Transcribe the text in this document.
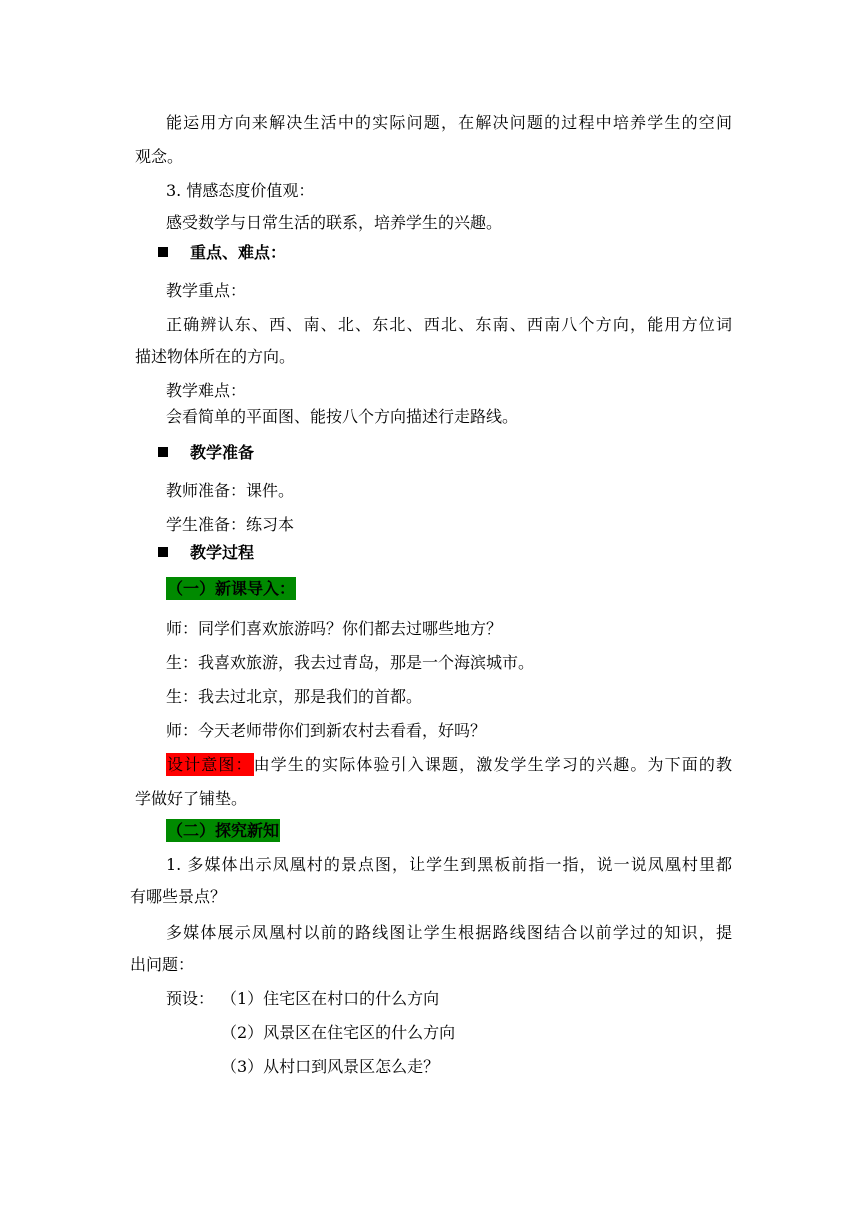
能运用方向来解决生活中的实际问题，在解决问题的过程中培养学生的空间
观念。
3. 情感态度价值观：
感受数学与日常生活的联系，培养学生的兴趣。
重点、难点：
教学重点：
正确辨认东、西、南、北、东北、西北、东南、西南八个方向，能用方位词
描述物体所在的方向。
教学难点：
会看简单的平面图、能按八个方向描述行走路线。
教学准备
教师准备：课件。
学生准备：练习本
教学过程
（一）新课导入：
师：同学们喜欢旅游吗？你们都去过哪些地方？
生：我喜欢旅游，我去过青岛，那是一个海滨城市。
生：我去过北京，那是我们的首都。
师：今天老师带你们到新农村去看看，好吗？
设计意图：由学生的实际体验引入课题，激发学生学习的兴趣。为下面的教
学做好了铺垫。
（二）探究新知
1. 多媒体出示凤凰村的景点图，让学生到黑板前指一指，说一说凤凰村里都
有哪些景点？
多媒体展示凤凰村以前的路线图让学生根据路线图结合以前学过的知识，提
出问题：
预设： （1）住宅区在村口的什么方向
（2）风景区在住宅区的什么方向
（3）从村口到风景区怎么走？
